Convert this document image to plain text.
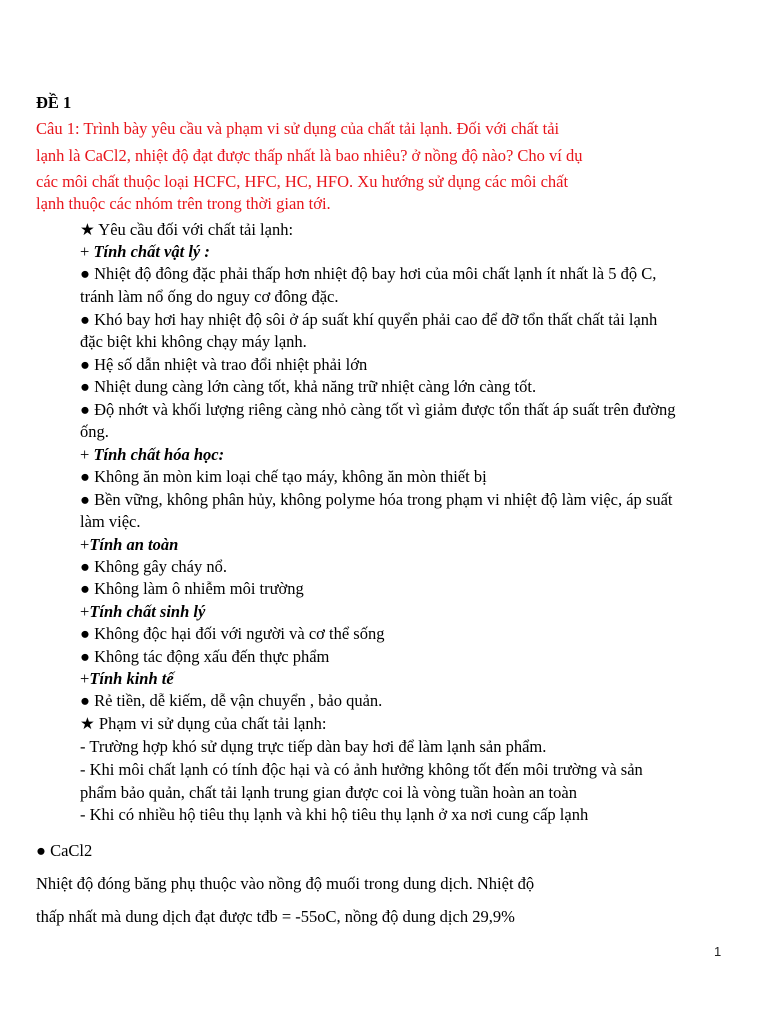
ĐỀ 1
Câu 1: Trình bày yêu cầu và phạm vi sử dụng của chất tải lạnh. Đối với chất tải
lạnh là CaCl2, nhiệt độ đạt được thấp nhất là bao nhiêu? ở nồng độ nào? Cho ví dụ
các môi chất thuộc loại HCFC, HFC, HC, HFO. Xu hướng sử dụng các môi chất
lạnh thuộc các nhóm trên trong thời gian tới.
★ Yêu cầu đối với chất tải lạnh:
+ Tính chất vật lý :
● Nhiệt độ đông đặc phải thấp hơn nhiệt độ bay hơi của môi chất lạnh ít nhất là 5 độ C,
tránh làm nổ ống do nguy cơ đông đặc.
● Khó bay hơi hay nhiệt độ sôi ở áp suất khí quyển phải cao để đỡ tổn thất chất tải lạnh
đặc biệt khi không chạy máy lạnh.
● Hệ số dẫn nhiệt và trao đổi nhiệt phải lớn
● Nhiệt dung càng lớn càng tốt, khả năng trữ nhiệt càng lớn càng tốt.
● Độ nhớt và khối lượng riêng càng nhỏ càng tốt vì giảm được tổn thất áp suất trên đường
ống.
+ Tính chất hóa học:
● Không ăn mòn kim loại chế tạo máy, không ăn mòn thiết bị
● Bền vững, không phân hủy, không polyme hóa trong phạm vi nhiệt độ làm việc, áp suất
làm việc.
+Tính an toàn
● Không gây cháy nổ.
● Không làm ô nhiễm môi trường
+Tính chất sinh lý
● Không độc hại đối với người và cơ thể sống
● Không tác động xấu đến thực phẩm
+Tính kinh tế
● Rẻ tiền, dễ kiếm, dễ vận chuyển , bảo quản.
★ Phạm vi sử dụng của chất tải lạnh:
- Trường hợp khó sử dụng trực tiếp dàn bay hơi để làm lạnh sản phẩm.
- Khi môi chất lạnh có tính độc hại và có ảnh hưởng không tốt đến môi trường và sản
phẩm bảo quản, chất tải lạnh trung gian được coi là vòng tuần hoàn an toàn
- Khi có nhiều hộ tiêu thụ lạnh và khi hộ tiêu thụ lạnh ở xa nơi cung cấp lạnh
● CaCl2
Nhiệt độ đóng băng phụ thuộc vào nồng độ muối trong dung dịch. Nhiệt độ
thấp nhất mà dung dịch đạt được tđb = -55oC, nồng độ dung dịch 29,9%
1
